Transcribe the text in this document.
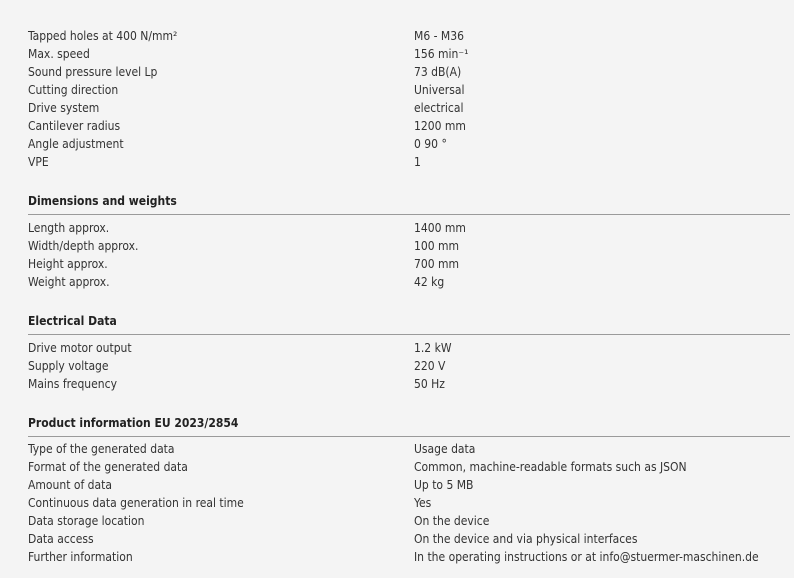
Tapped holes at 400 N/mm²	M6 - M36
Max. speed	156 min⁻¹
Sound pressure level Lp	73 dB(A)
Cutting direction	Universal
Drive system	electrical
Cantilever radius	1200 mm
Angle adjustment	0 90 °
VPE	1
Dimensions and weights
Length approx.	1400 mm
Width/depth approx.	100 mm
Height approx.	700 mm
Weight approx.	42 kg
Electrical Data
Drive motor output	1.2 kW
Supply voltage	220 V
Mains frequency	50 Hz
Product information EU 2023/2854
Type of the generated data	Usage data
Format of the generated data	Common, machine-readable formats such as JSON
Amount of data	Up to 5 MB
Continuous data generation in real time	Yes
Data storage location	On the device
Data access	On the device and via physical interfaces
Further information	In the operating instructions or at info@stuermer-maschinen.de
